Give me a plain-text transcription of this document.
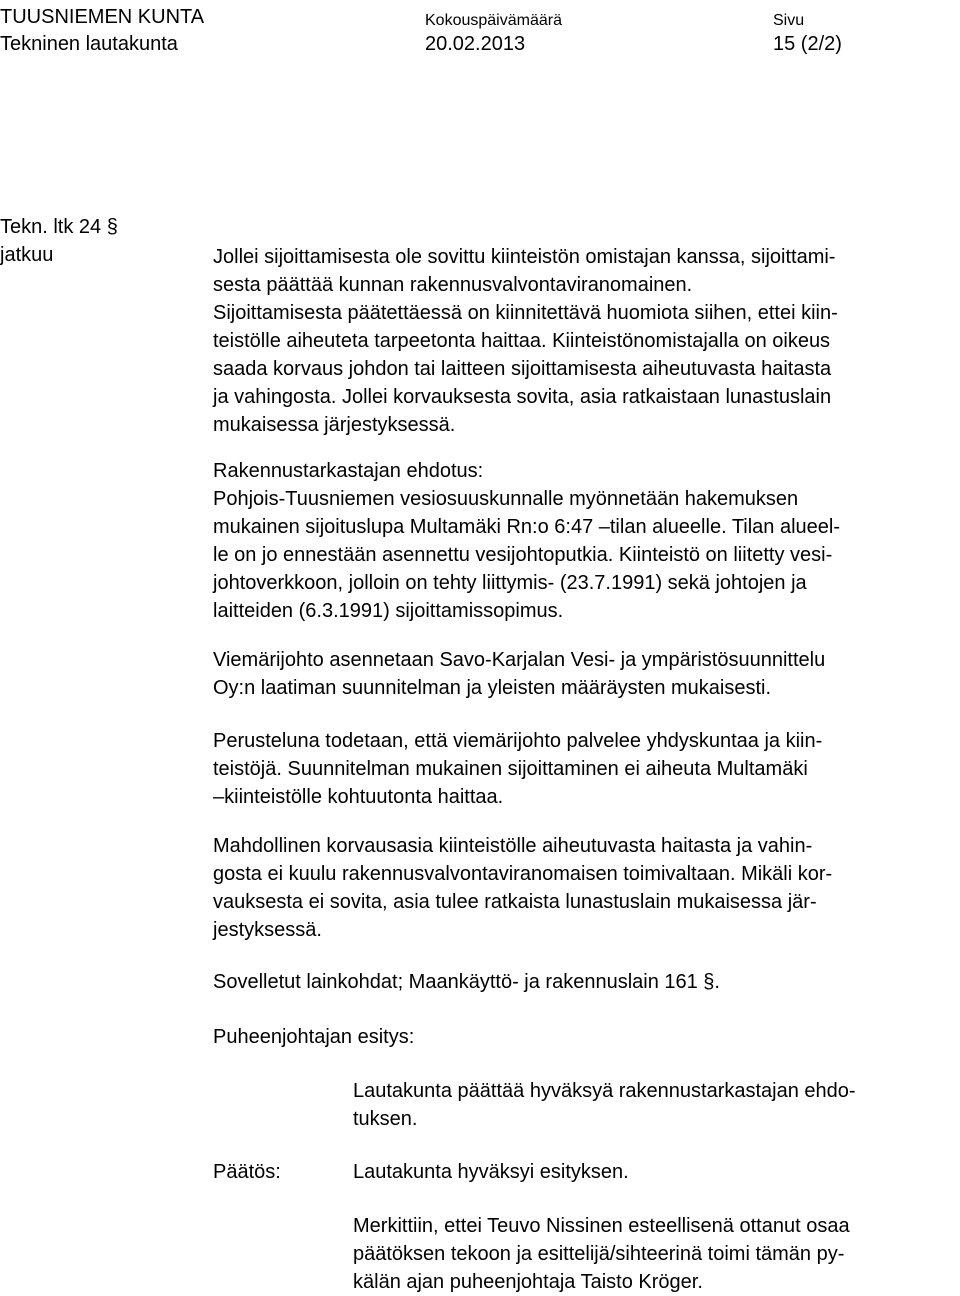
TUUSNIEMEN KUNTA
Tekninen lautakunta
Kokouspäivämäärä
20.02.2013
Sivu
15 (2/2)
Tekn. ltk 24 §
jatkuu	Jollei sijoittamisesta ole sovittu kiinteistön omistajan kanssa, sijoittami-
sesta päättää kunnan rakennusvalvontaviranomainen.
Sijoittamisesta päätettäessä on kiinnitettävä huomiota siihen, ettei kiin-
teistölle aiheuteta tarpeetonta haittaa. Kiinteistönomistajalla on oikeus
saada korvaus johdon tai laitteen sijoittamisesta aiheutuvasta haitasta
ja vahingosta. Jollei korvauksesta sovita, asia ratkaistaan lunastuslain
mukaisessa järjestyksessä.
Rakennustarkastajan ehdotus:
Pohjois-Tuusniemen vesiosuuskunnalle myönnetään hakemuksen
mukainen sijoituslupa Multamäki Rn:o 6:47 –tilan alueelle. Tilan alueel-
le on jo ennestään asennettu vesijohtoputkia. Kiinteistö on liitetty vesi-
johtoverkkoon, jolloin on tehty liittymis- (23.7.1991) sekä johtojen ja
laitteiden (6.3.1991) sijoittamissopimus.
Viemärijohto asennetaan Savo-Karjalan Vesi- ja ympäristösuunnittelu
Oy:n laatiman suunnitelman ja yleisten määräysten mukaisesti.
Perusteluna todetaan, että viemärijohto palvelee yhdyskuntaa ja kiin-
teistöjä. Suunnitelman mukainen sijoittaminen ei aiheuta Multamäki
–kiinteistölle kohtuutonta haittaa.
Mahdollinen korvausasia kiinteistölle aiheutuvasta haitasta ja vahin-
gosta ei kuulu rakennusvalvontaviranomaisen toimivaltaan. Mikäli kor-
vauksesta ei sovita, asia tulee ratkaista lunastuslain mukaisessa jär-
jestyksessä.
Sovelletut lainkohdat; Maankäyttö- ja rakennuslain 161 §.
Puheenjohtajan esitys:
Lautakunta päättää hyväksyä rakennustarkastajan ehdo-
tuksen.
Päätös:	Lautakunta hyväksyi esityksen.
Merkittiin, ettei Teuvo Nissinen esteellisenä ottanut osaa
päätöksen tekoon ja esittelijä/sihteerinä toimi tämän py-
kälän ajan puheenjohtaja Taisto Kröger.
